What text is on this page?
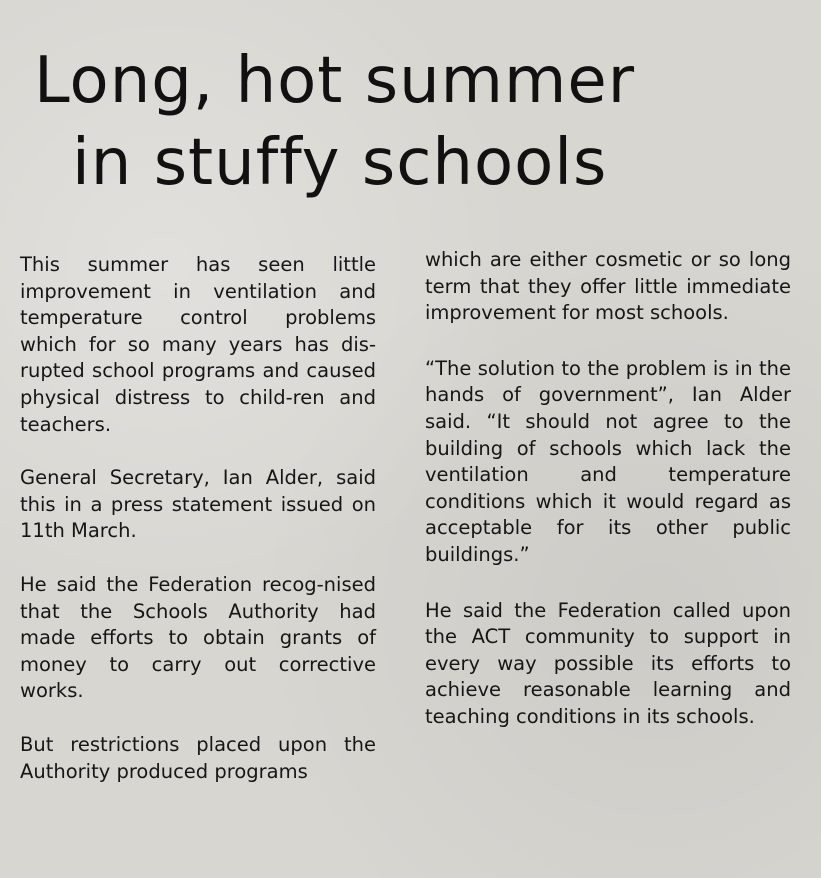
Long, hot summer
in stuffy schools

This summer has seen little improvement in ventilation and temperature control problems which for so many years has dis-rupted school programs and caused physical distress to child-ren and teachers.

General Secretary, Ian Alder, said this in a press statement issued on 11th March.

He said the Federation recog-nised that the Schools Authority had made efforts to obtain grants of money to carry out corrective works.

But restrictions placed upon the Authority produced programs

which are either cosmetic or so long term that they offer little immediate improvement for most schools.

“The solution to the problem is in the hands of government”, Ian Alder said. “It should not agree to the building of schools which lack the ventilation and temperature conditions which it would regard as acceptable for its other public buildings.”

He said the Federation called upon the ACT community to support in every way possible its efforts to achieve reasonable learning and teaching conditions in its schools.
